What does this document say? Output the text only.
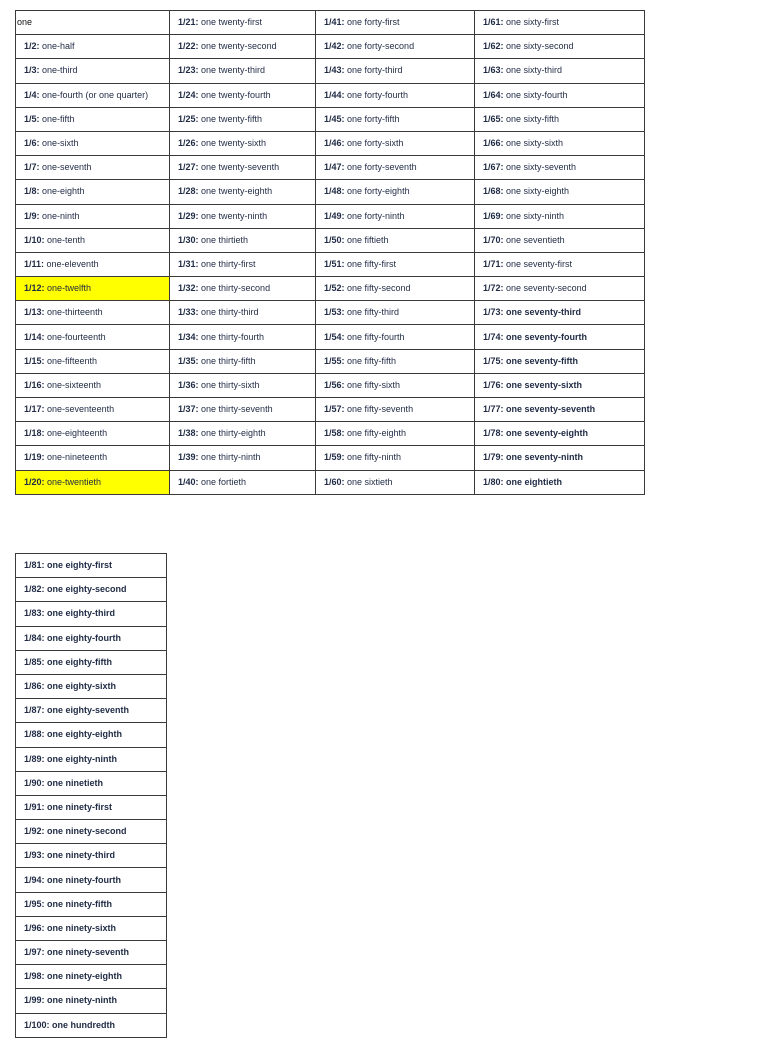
one	1/21: one twenty-first	1/41: one forty-first	1/61: one sixty-first
1/2: one-half	1/22: one twenty-second	1/42: one forty-second	1/62: one sixty-second
1/3: one-third	1/23: one twenty-third	1/43: one forty-third	1/63: one sixty-third
1/4: one-fourth (or one quarter)	1/24: one twenty-fourth	1/44: one forty-fourth	1/64: one sixty-fourth
1/5: one-fifth	1/25: one twenty-fifth	1/45: one forty-fifth	1/65: one sixty-fifth
1/6: one-sixth	1/26: one twenty-sixth	1/46: one forty-sixth	1/66: one sixty-sixth
1/7: one-seventh	1/27: one twenty-seventh	1/47: one forty-seventh	1/67: one sixty-seventh
1/8: one-eighth	1/28: one twenty-eighth	1/48: one forty-eighth	1/68: one sixty-eighth
1/9: one-ninth	1/29: one twenty-ninth	1/49: one forty-ninth	1/69: one sixty-ninth
1/10: one-tenth	1/30: one thirtieth	1/50: one fiftieth	1/70: one seventieth
1/11: one-eleventh	1/31: one thirty-first	1/51: one fifty-first	1/71: one seventy-first
1/12: one-twelfth	1/32: one thirty-second	1/52: one fifty-second	1/72: one seventy-second
1/13: one-thirteenth	1/33: one thirty-third	1/53: one fifty-third	1/73: one seventy-third
1/14: one-fourteenth	1/34: one thirty-fourth	1/54: one fifty-fourth	1/74: one seventy-fourth
1/15: one-fifteenth	1/35: one thirty-fifth	1/55: one fifty-fifth	1/75: one seventy-fifth
1/16: one-sixteenth	1/36: one thirty-sixth	1/56: one fifty-sixth	1/76: one seventy-sixth
1/17: one-seventeenth	1/37: one thirty-seventh	1/57: one fifty-seventh	1/77: one seventy-seventh
1/18: one-eighteenth	1/38: one thirty-eighth	1/58: one fifty-eighth	1/78: one seventy-eighth
1/19: one-nineteenth	1/39: one thirty-ninth	1/59: one fifty-ninth	1/79: one seventy-ninth
1/20: one-twentieth	1/40: one fortieth	1/60: one sixtieth	1/80: one eightieth
1/81: one eighty-first
1/82: one eighty-second
1/83: one eighty-third
1/84: one eighty-fourth
1/85: one eighty-fifth
1/86: one eighty-sixth
1/87: one eighty-seventh
1/88: one eighty-eighth
1/89: one eighty-ninth
1/90: one ninetieth
1/91: one ninety-first
1/92: one ninety-second
1/93: one ninety-third
1/94: one ninety-fourth
1/95: one ninety-fifth
1/96: one ninety-sixth
1/97: one ninety-seventh
1/98: one ninety-eighth
1/99: one ninety-ninth
1/100: one hundredth
